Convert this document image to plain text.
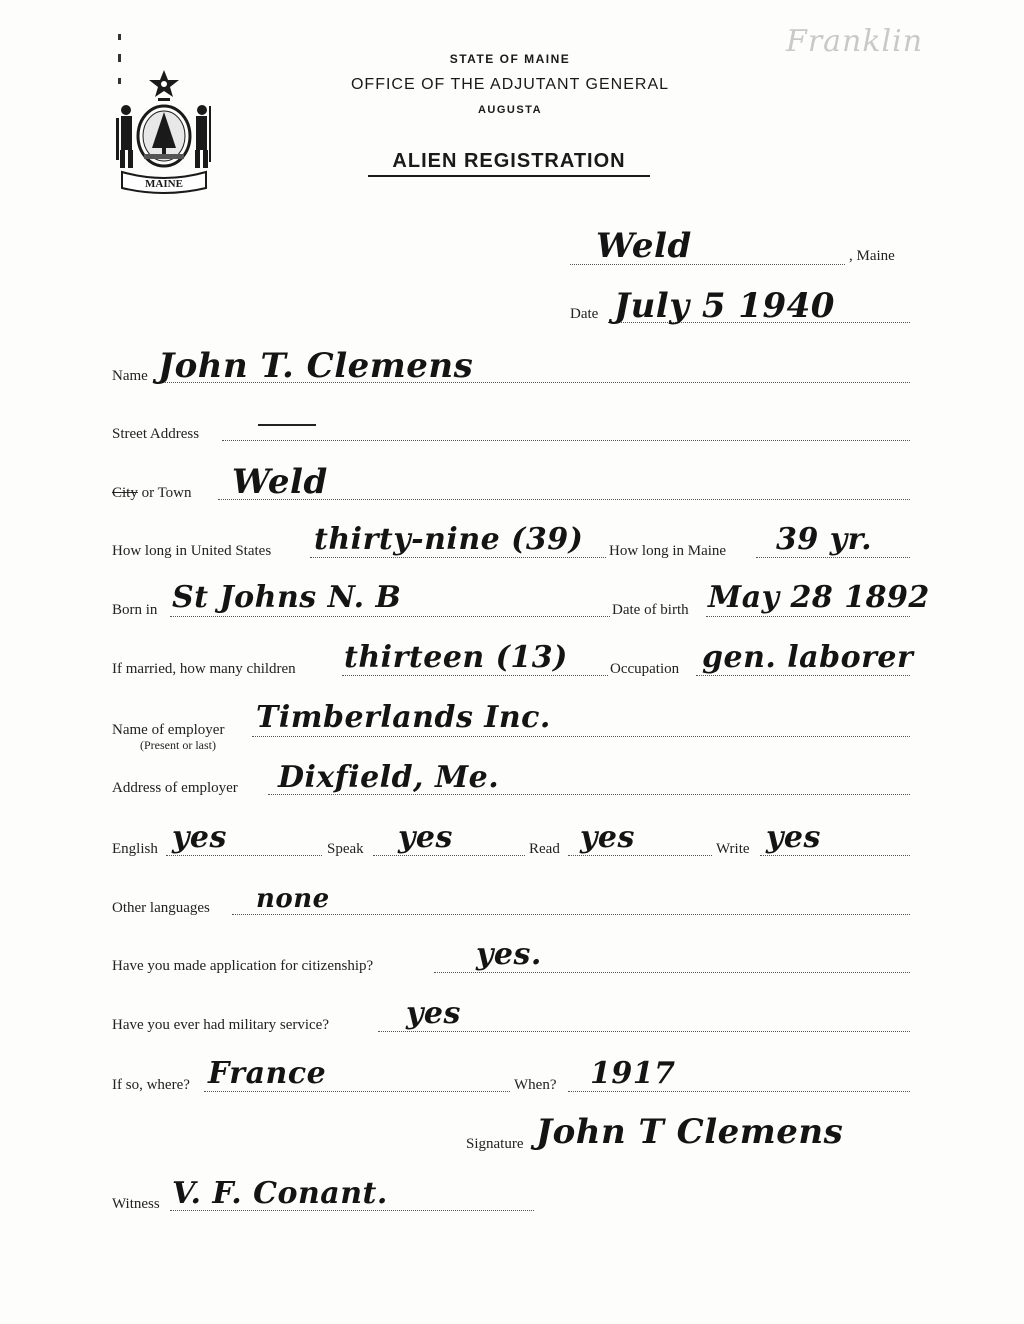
Franklin
MAINE
STATE OF MAINE
OFFICE OF THE ADJUTANT GENERAL
AUGUSTA
ALIEN REGISTRATION
Weld	, Maine
Date July 5 1940
Name John T. Clemens
Street Address
City or Town Weld
How long in United States thirty-nine (39) How long in Maine 39 yr.
Born in St Johns N. B	Date of birth May 28 1892
If married, how many children thirteen (13)	Occupation gen. laborer
Name of employer
(Present or last)
Timberlands Inc.
Address of employer Dixfield, Me.
English yes	Speak yes	Read yes	Write yes
Other languages none
Have you made application for citizenship?	yes.
Have you ever had military service?	yes
If so, where? France	When? 1917
Signature John T Clemens
Witness V. F. Conant.
